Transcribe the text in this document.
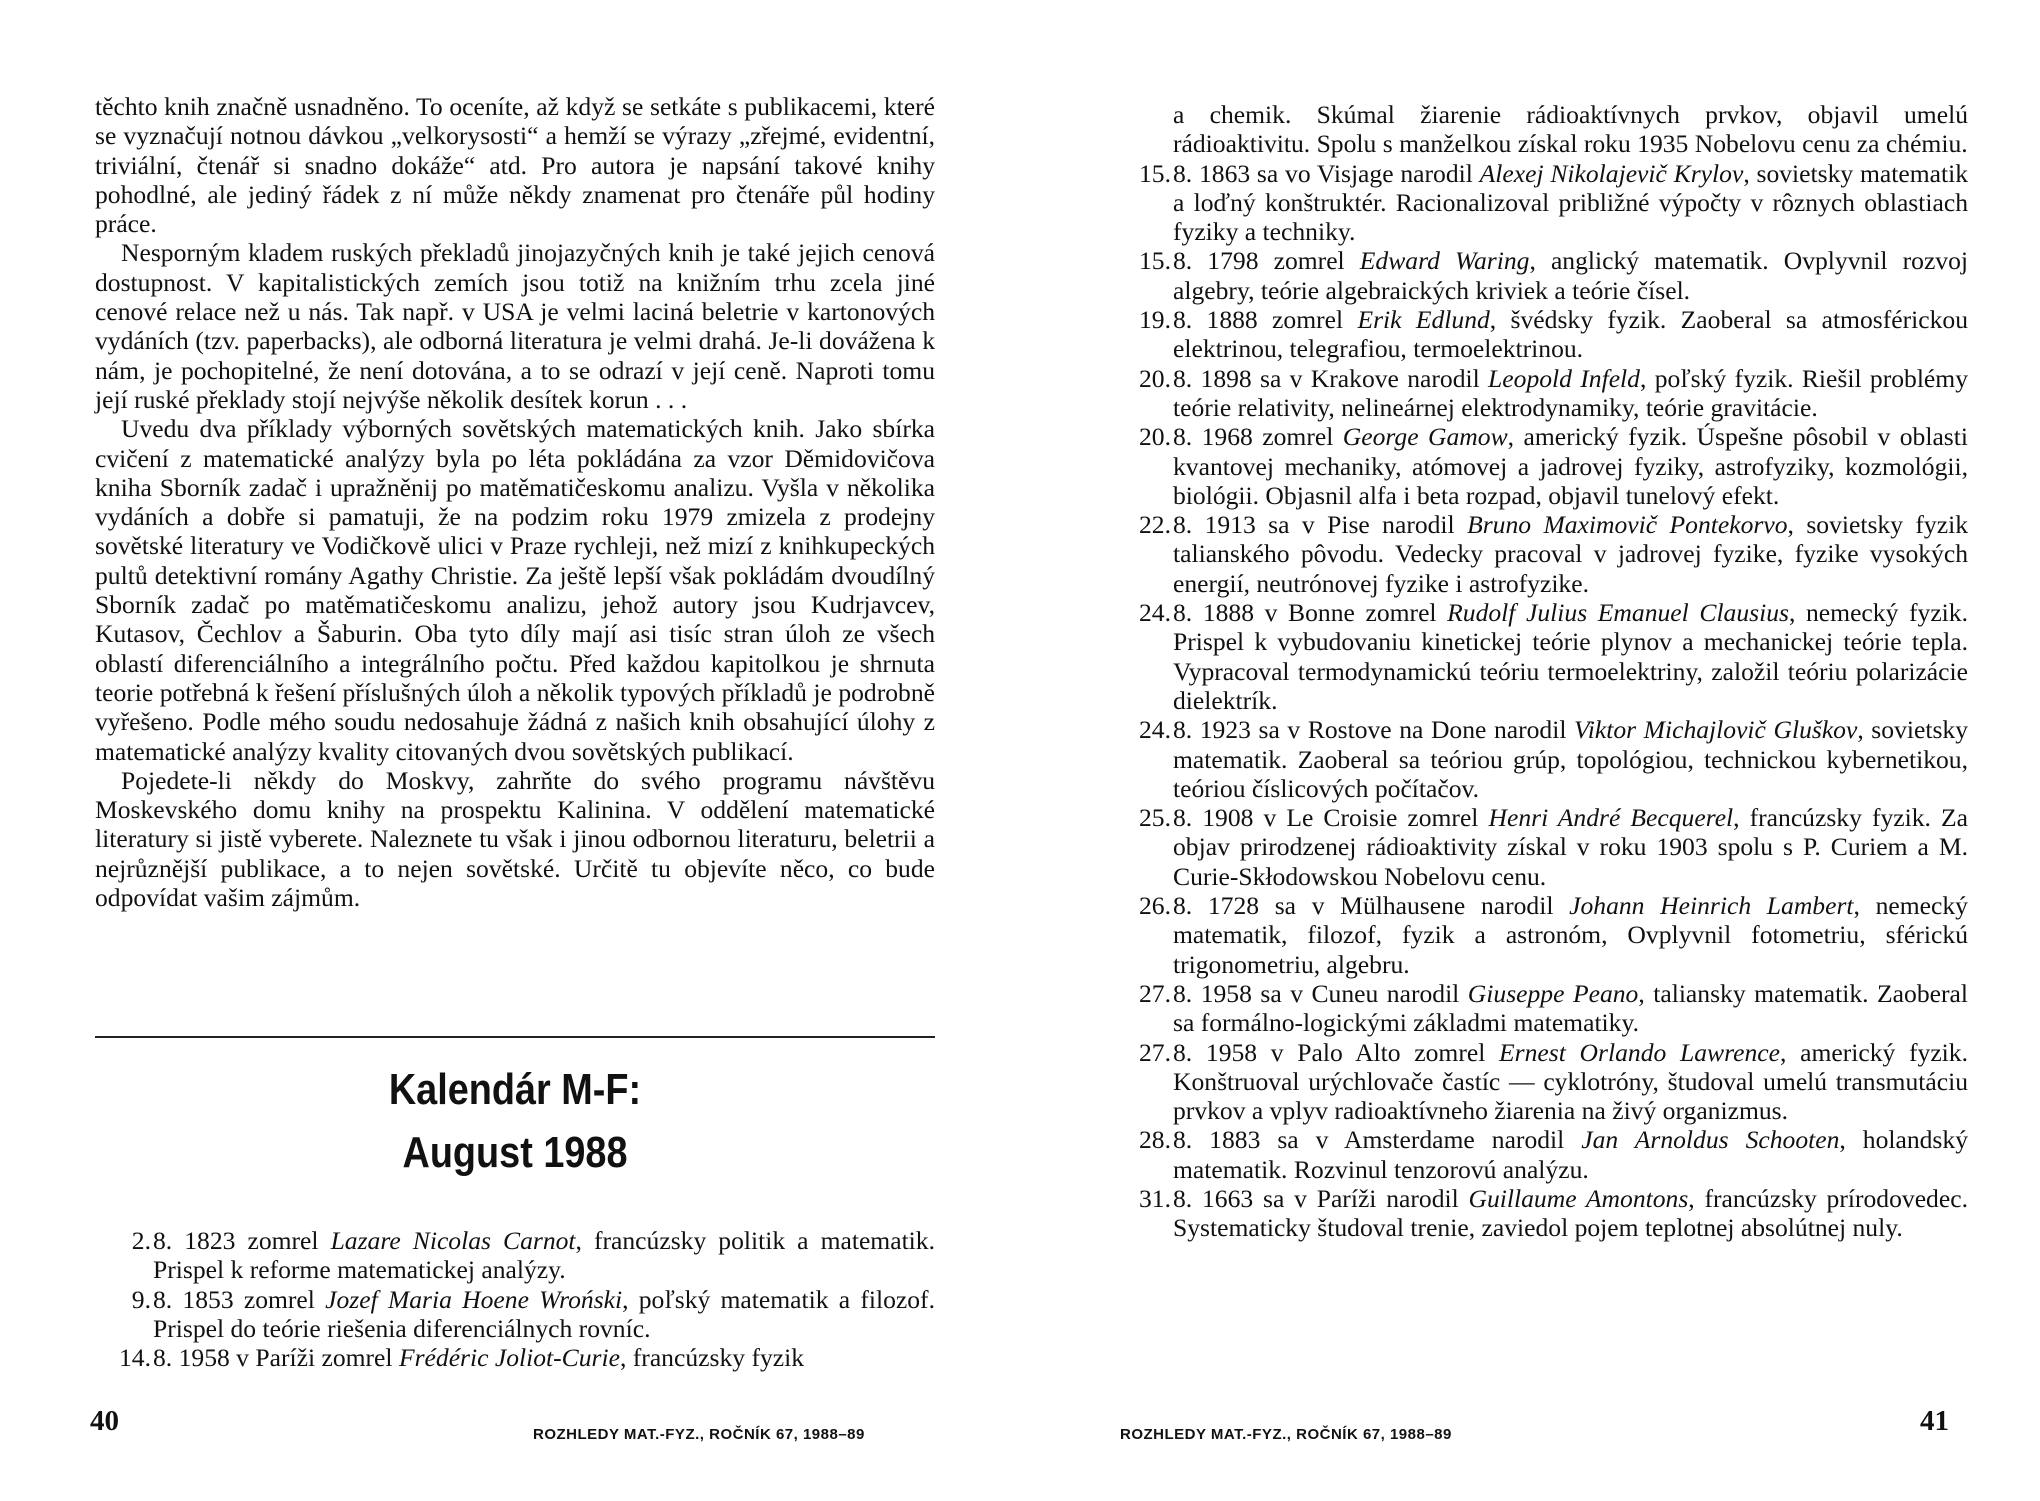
těchto knih značně usnadněno. To oceníte, až když se setkáte s publikacemi, které se vyznačují notnou dávkou „velkorysosti“ a hemží se výrazy „zřejmé, evidentní, triviální, čtenář si snadno dokáže“ atd. Pro autora je napsání takové knihy pohodlné, ale jediný řádek z ní může někdy znamenat pro čtenáře půl hodiny práce.

Nesporným kladem ruských překladů jinojazyčných knih je také jejich cenová dostupnost. V kapitalistických zemích jsou totiž na knižním trhu zcela jiné cenové relace než u nás. Tak např. v USA je velmi laciná beletrie v kartonových vydáních (tzv. paperbacks), ale odborná literatura je velmi drahá. Je-li dovážena k nám, je pochopitelné, že není dotována, a to se odrazí v její ceně. Naproti tomu její ruské překlady stojí nejvýše několik desítek korun . . .

Uvedu dva příklady výborných sovětských matematických knih. Jako sbírka cvičení z matematické analýzy byla po léta pokládána za vzor Děmidovičova kniha Sborník zadač i upražněnij po matěmatičeskomu analizu. Vyšla v několika vydáních a dobře si pamatuji, že na podzim roku 1979 zmizela z prodejny sovětské literatury ve Vodičkově ulici v Praze rychleji, než mizí z knihkupeckých pultů detektivní romány Agathy Christie. Za ještě lepší však pokládám dvoudílný Sborník zadač po matěmatičeskomu analizu, jehož autory jsou Kudrjavcev, Kutasov, Čechlov a Šaburin. Oba tyto díly mají asi tisíc stran úloh ze všech oblastí diferenciálního a integrálního počtu. Před každou kapitolkou je shrnuta teorie potřebná k řešení příslušných úloh a několik typových příkladů je podrobně vyřešeno. Podle mého soudu nedosahuje žádná z našich knih obsahující úlohy z matematické analýzy kvality citovaných dvou sovětských publikací.

Pojedete-li někdy do Moskvy, zahrňte do svého programu návštěvu Moskevského domu knihy na prospektu Kalinina. V oddělení matematické literatury si jistě vyberete. Naleznete tu však i jinou odbornou literaturu, beletrii a nejrůznější publikace, a to nejen sovětské. Určitě tu objevíte něco, co bude odpovídat vašim zájmům.

Kalendár M-F:
August 1988
2. 8. 1823 zomrel Lazare Nicolas Carnot, francúzsky politik a matematik. Prispel k reforme matematickej analýzy.
9. 8. 1853 zomrel Jozef Maria Hoene Wroński, poľský matematik a filozof. Prispel do teórie riešenia diferenciálnych rovníc.
14. 8. 1958 v Paríži zomrel Frédéric Joliot-Curie, francúzsky fyzik
40	ROZHLEDY MAT.-FYZ., ROČNÍK 67, 1988–89
a chemik. Skúmal žiarenie rádioaktívnych prvkov, objavil umelú rádioaktivitu. Spolu s manželkou získal roku 1935 Nobelovu cenu za chémiu.
15. 8. 1863 sa vo Visjage narodil Alexej Nikolajevič Krylov, sovietsky matematik a loďný konštruktér. Racionalizoval približné výpočty v rôznych oblastiach fyziky a techniky.
15. 8. 1798 zomrel Edward Waring, anglický matematik. Ovplyvnil rozvoj algebry, teórie algebraických kriviek a teórie čísel.
19. 8. 1888 zomrel Erik Edlund, švédsky fyzik. Zaoberal sa atmosférickou elektrinou, telegrafiou, termoelektrinou.
20. 8. 1898 sa v Krakove narodil Leopold Infeld, poľský fyzik. Riešil problémy teórie relativity, nelineárnej elektrodynamiky, teórie gravitácie.
20. 8. 1968 zomrel George Gamow, americký fyzik. Úspešne pôsobil v oblasti kvantovej mechaniky, atómovej a jadrovej fyziky, astrofyziky, kozmológii, biológii. Objasnil alfa i beta rozpad, objavil tunelový efekt.
22. 8. 1913 sa v Pise narodil Bruno Maximovič Pontekorvo, sovietsky fyzik talianského pôvodu. Vedecky pracoval v jadrovej fyzike, fyzike vysokých energií, neutrónovej fyzike i astrofyzike.
24. 8. 1888 v Bonne zomrel Rudolf Julius Emanuel Clausius, nemecký fyzik. Prispel k vybudovaniu kinetickej teórie plynov a mechanickej teórie tepla. Vypracoval termodynamickú teóriu termoelektriny, založil teóriu polarizácie dielektrík.
24. 8. 1923 sa v Rostove na Done narodil Viktor Michajlovič Gluškov, sovietsky matematik. Zaoberal sa teóriou grúp, topológiou, technickou kybernetikou, teóriou číslicových počítačov.
25. 8. 1908 v Le Croisie zomrel Henri André Becquerel, francúzsky fyzik. Za objav prirodzenej rádioaktivity získal v roku 1903 spolu s P. Curiem a M. Curie-Skłodowskou Nobelovu cenu.
26. 8. 1728 sa v Mülhausene narodil Johann Heinrich Lambert, nemecký matematik, filozof, fyzik a astronóm, Ovplyvnil fotometriu, sférickú trigonometriu, algebru.
27. 8. 1958 sa v Cuneu narodil Giuseppe Peano, taliansky matematik. Zaoberal sa formálno-logickými základmi matematiky.
27. 8. 1958 v Palo Alto zomrel Ernest Orlando Lawrence, americký fyzik. Konštruoval urýchlovače častíc — cyklotróny, študoval umelú transmutáciu prvkov a vplyv radioaktívneho žiarenia na živý organizmus.
28. 8. 1883 sa v Amsterdame narodil Jan Arnoldus Schooten, holandský matematik. Rozvinul tenzorovú analýzu.
31. 8. 1663 sa v Paríži narodil Guillaume Amontons, francúzsky prírodovedec. Systematicky študoval trenie, zaviedol pojem teplotnej absolútnej nuly.
ROZHLEDY MAT.-FYZ., ROČNÍK 67, 1988–89	41
